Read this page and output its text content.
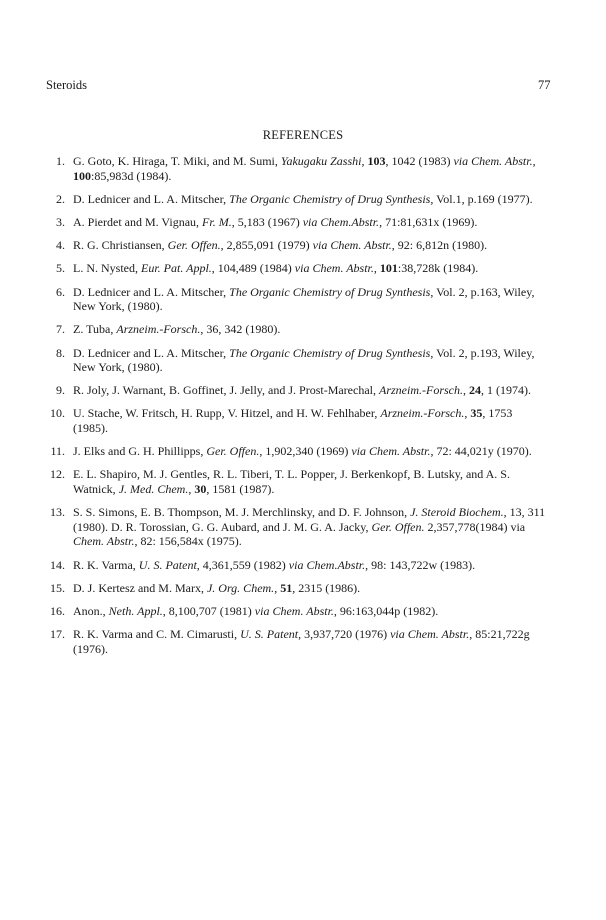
Steroids	77
REFERENCES
1. G. Goto, K. Hiraga, T. Miki, and M. Sumi, Yakugaku Zasshi, 103, 1042 (1983) via Chem. Abstr., 100:85,983d (1984).
2. D. Lednicer and L. A. Mitscher, The Organic Chemistry of Drug Synthesis, Vol.1, p.169 (1977).
3. A. Pierdet and M. Vignau, Fr. M., 5,183 (1967) via Chem.Abstr., 71:81,631x (1969).
4. R. G. Christiansen, Ger. Offen., 2,855,091 (1979) via Chem. Abstr., 92: 6,812n (1980).
5. L. N. Nysted, Eur. Pat. Appl., 104,489 (1984) via Chem. Abstr., 101:38,728k (1984).
6. D. Lednicer and L. A. Mitscher, The Organic Chemistry of Drug Synthesis, Vol. 2, p.163, Wiley, New York, (1980).
7. Z. Tuba, Arzneim.-Forsch., 36, 342 (1980).
8. D. Lednicer and L. A. Mitscher, The Organic Chemistry of Drug Synthesis, Vol. 2, p.193, Wiley, New York, (1980).
9. R. Joly, J. Warnant, B. Goffinet, J. Jelly, and J. Prost-Marechal, Arzneim.-Forsch., 24, 1 (1974).
10. U. Stache, W. Fritsch, H. Rupp, V. Hitzel, and H. W. Fehlhaber, Arzneim.-Forsch., 35, 1753 (1985).
11. J. Elks and G. H. Phillipps, Ger. Offen., 1,902,340 (1969) via Chem. Abstr., 72: 44,021y (1970).
12. E. L. Shapiro, M. J. Gentles, R. L. Tiberi, T. L. Popper, J. Berkenkopf, B. Lutsky, and A. S. Watnick, J. Med. Chem., 30, 1581 (1987).
13. S. S. Simons, E. B. Thompson, M. J. Merchlinsky, and D. F. Johnson, J. Steroid Biochem., 13, 311 (1980). D. R. Torossian, G. G. Aubard, and J. M. G. A. Jacky, Ger. Offen. 2,357,778(1984) via Chem. Abstr., 82: 156,584x (1975).
14. R. K. Varma, U. S. Patent, 4,361,559 (1982) via Chem.Abstr., 98: 143,722w (1983).
15. D. J. Kertesz and M. Marx, J. Org. Chem., 51, 2315 (1986).
16. Anon., Neth. Appl., 8,100,707 (1981) via Chem. Abstr., 96:163,044p (1982).
17. R. K. Varma and C. M. Cimarusti, U. S. Patent, 3,937,720 (1976) via Chem. Abstr., 85:21,722g (1976).
